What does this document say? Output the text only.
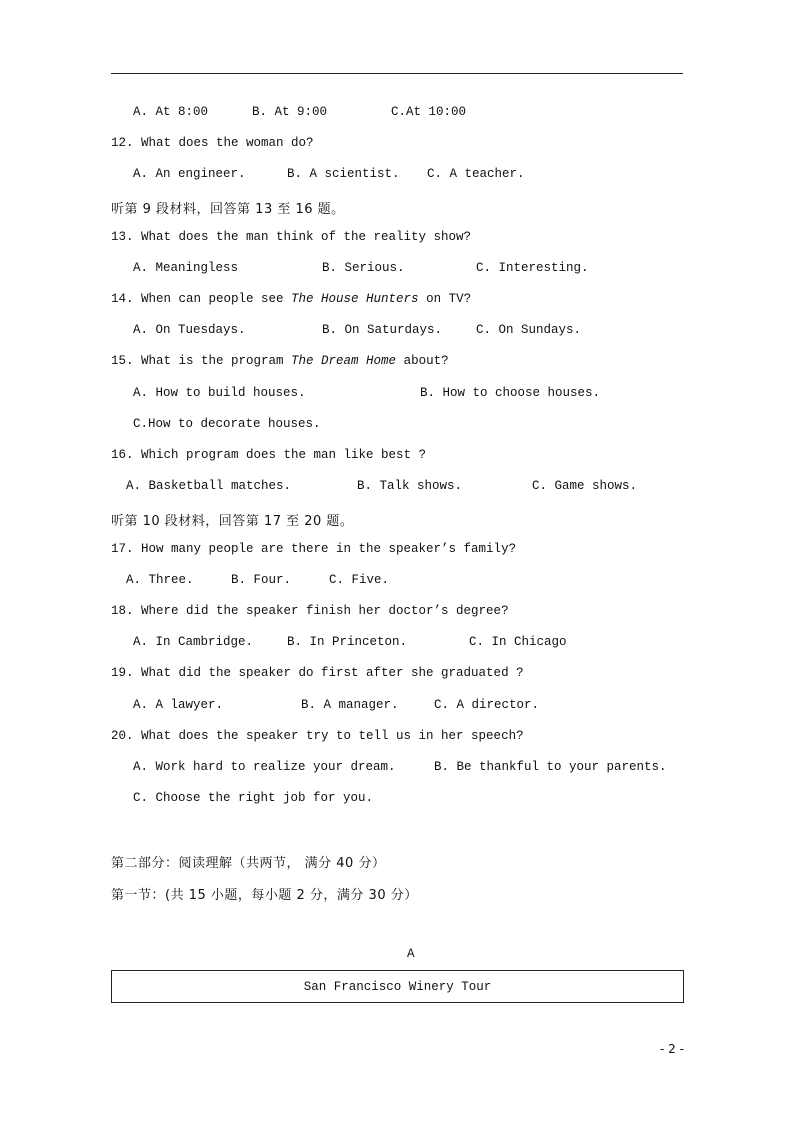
A. At 8:00	B. At 9:00	C.At 10:00
12. What does the woman do?
A. An engineer.	B. A scientist. C. A teacher.
听第 9 段材料，回答第 13 至 16 题。
13. What does the man think of the reality show?
A. Meaningless	B. Serious.	C. Interesting.
14. When can people see The House Hunters on TV?
A. On Tuesdays.	B. On Saturdays.	C. On Sundays.
15. What is the program The Dream Home about?
A. How to build houses.	B. How to choose houses.
C.How to decorate houses.
16. Which program does the man like best ?
A. Basketball matches.	B. Talk shows.	C. Game shows.
听第 10 段材料，回答第 17 至 20 题。
17. How many people are there in the speaker’s family?
A. Three.	B. Four.	C. Five.
18. Where did the speaker finish her doctor’s degree?
A. In Cambridge.	B. In Princeton.	C. In Chicago
19. What did the speaker do first after she graduated ?
A. A lawyer.	B. A manager.	C. A director.
20. What does the speaker try to tell us in her speech?
A. Work hard to realize your dream.	B. Be thankful to your parents.
C. Choose the right job for you.
第二部分：阅读理解（共两节， 满分 40 分）
第一节：(共 15 小题，每小题 2 分，满分 30 分）
A
San Francisco Winery Tour
- 2 -
